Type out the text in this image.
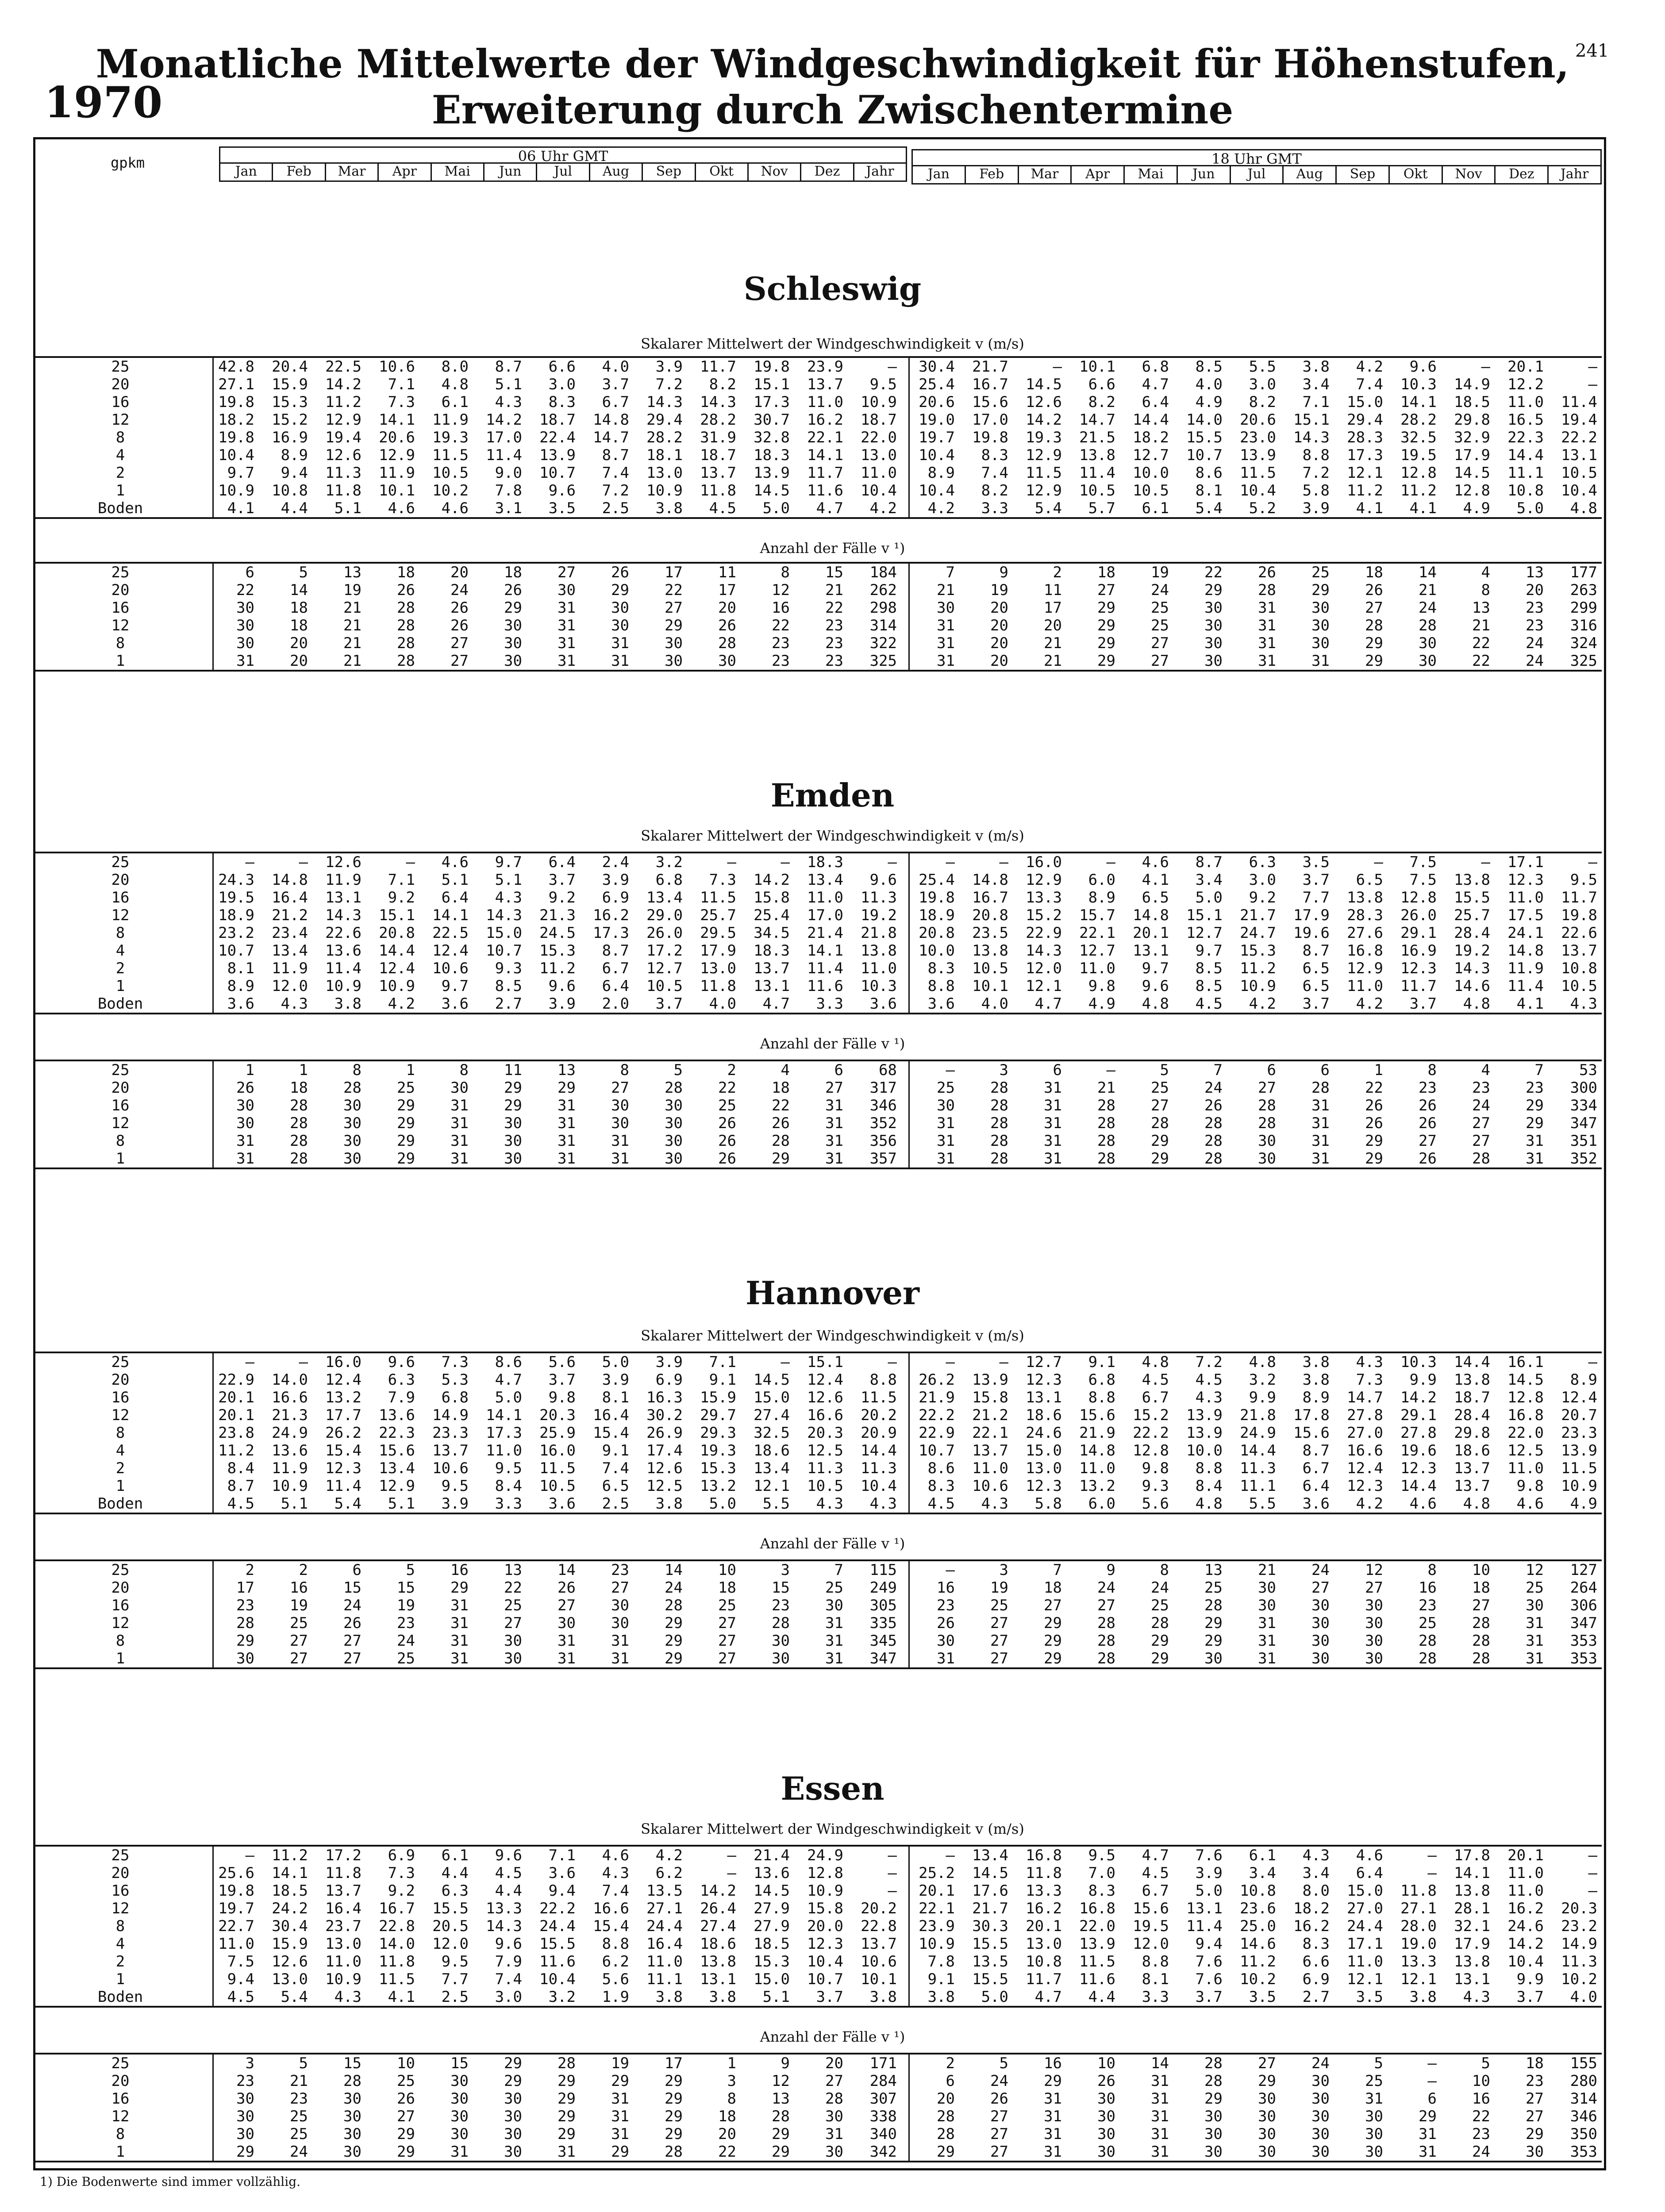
241
Monatliche Mittelwerte der Windgeschwindigkeit für Höhenstufen,
Erweiterung durch Zwischentermine
1970
gpkm	06 Uhr GMT
Jan	Feb	Mar	Apr	Mai	Jun	Jul	Aug	Sep	Okt	Nov	Dez	Jahr
18 Uhr GMT
Jan	Feb	Mar	Apr	Mai	Jun	Jul	Aug	Sep	Okt	Nov	Dez	Jahr
Schleswig
Skalarer Mittelwert der Windgeschwindigkeit v (m/s)
25	42.8	20.4	22.5	10.6	8.0	8.7	6.6	4.0	3.9	11.7	19.8	23.9	—	30.4	21.7	—	10.1	6.8	8.5	5.5	3.8	4.2	9.6	—	20.1	—
20	27.1	15.9	14.2	7.1	4.8	5.1	3.0	3.7	7.2	8.2	15.1	13.7	9.5	25.4	16.7	14.5	6.6	4.7	4.0	3.0	3.4	7.4	10.3	14.9	12.2	—
16	19.8	15.3	11.2	7.3	6.1	4.3	8.3	6.7	14.3	14.3	17.3	11.0	10.9	20.6	15.6	12.6	8.2	6.4	4.9	8.2	7.1	15.0	14.1	18.5	11.0	11.4
12	18.2	15.2	12.9	14.1	11.9	14.2	18.7	14.8	29.4	28.2	30.7	16.2	18.7	19.0	17.0	14.2	14.7	14.4	14.0	20.6	15.1	29.4	28.2	29.8	16.5	19.4
8	19.8	16.9	19.4	20.6	19.3	17.0	22.4	14.7	28.2	31.9	32.8	22.1	22.0	19.7	19.8	19.3	21.5	18.2	15.5	23.0	14.3	28.3	32.5	32.9	22.3	22.2
4	10.4	8.9	12.6	12.9	11.5	11.4	13.9	8.7	18.1	18.7	18.3	14.1	13.0	10.4	8.3	12.9	13.8	12.7	10.7	13.9	8.8	17.3	19.5	17.9	14.4	13.1
2	9.7	9.4	11.3	11.9	10.5	9.0	10.7	7.4	13.0	13.7	13.9	11.7	11.0	8.9	7.4	11.5	11.4	10.0	8.6	11.5	7.2	12.1	12.8	14.5	11.1	10.5
1	10.9	10.8	11.8	10.1	10.2	7.8	9.6	7.2	10.9	11.8	14.5	11.6	10.4	10.4	8.2	12.9	10.5	10.5	8.1	10.4	5.8	11.2	11.2	12.8	10.8	10.4
Boden	4.1	4.4	5.1	4.6	4.6	3.1	3.5	2.5	3.8	4.5	5.0	4.7	4.2	4.2	3.3	5.4	5.7	6.1	5.4	5.2	3.9	4.1	4.1	4.9	5.0	4.8
Anzahl der Fälle v ¹)
25	6	5	13	18	20	18	27	26	17	11	8	15	184	7	9	2	18	19	22	26	25	18	14	4	13	177
20	22	14	19	26	24	26	30	29	22	17	12	21	262	21	19	11	27	24	29	28	29	26	21	8	20	263
16	30	18	21	28	26	29	31	30	27	20	16	22	298	30	20	17	29	25	30	31	30	27	24	13	23	299
12	30	18	21	28	26	30	31	30	29	26	22	23	314	31	20	20	29	25	30	31	30	28	28	21	23	316
8	30	20	21	28	27	30	31	31	30	28	23	23	322	31	20	21	29	27	30	31	30	29	30	22	24	324
1	31	20	21	28	27	30	31	31	30	30	23	23	325	31	20	21	29	27	30	31	31	29	30	22	24	325
Emden
Skalarer Mittelwert der Windgeschwindigkeit v (m/s)
25	—	—	12.6	—	4.6	9.7	6.4	2.4	3.2	—	—	18.3	—	—	—	16.0	—	4.6	8.7	6.3	3.5	—	7.5	—	17.1	—
20	24.3	14.8	11.9	7.1	5.1	5.1	3.7	3.9	6.8	7.3	14.2	13.4	9.6	25.4	14.8	12.9	6.0	4.1	3.4	3.0	3.7	6.5	7.5	13.8	12.3	9.5
16	19.5	16.4	13.1	9.2	6.4	4.3	9.2	6.9	13.4	11.5	15.8	11.0	11.3	19.8	16.7	13.3	8.9	6.5	5.0	9.2	7.7	13.8	12.8	15.5	11.0	11.7
12	18.9	21.2	14.3	15.1	14.1	14.3	21.3	16.2	29.0	25.7	25.4	17.0	19.2	18.9	20.8	15.2	15.7	14.8	15.1	21.7	17.9	28.3	26.0	25.7	17.5	19.8
8	23.2	23.4	22.6	20.8	22.5	15.0	24.5	17.3	26.0	29.5	34.5	21.4	21.8	20.8	23.5	22.9	22.1	20.1	12.7	24.7	19.6	27.6	29.1	28.4	24.1	22.6
4	10.7	13.4	13.6	14.4	12.4	10.7	15.3	8.7	17.2	17.9	18.3	14.1	13.8	10.0	13.8	14.3	12.7	13.1	9.7	15.3	8.7	16.8	16.9	19.2	14.8	13.7
2	8.1	11.9	11.4	12.4	10.6	9.3	11.2	6.7	12.7	13.0	13.7	11.4	11.0	8.3	10.5	12.0	11.0	9.7	8.5	11.2	6.5	12.9	12.3	14.3	11.9	10.8
1	8.9	12.0	10.9	10.9	9.7	8.5	9.6	6.4	10.5	11.8	13.1	11.6	10.3	8.8	10.1	12.1	9.8	9.6	8.5	10.9	6.5	11.0	11.7	14.6	11.4	10.5
Boden	3.6	4.3	3.8	4.2	3.6	2.7	3.9	2.0	3.7	4.0	4.7	3.3	3.6	3.6	4.0	4.7	4.9	4.8	4.5	4.2	3.7	4.2	3.7	4.8	4.1	4.3
Anzahl der Fälle v ¹)
25	1	1	8	1	8	11	13	8	5	2	4	6	68	—	3	6	—	5	7	6	6	1	8	4	7	53
20	26	18	28	25	30	29	29	27	28	22	18	27	317	25	28	31	21	25	24	27	28	22	23	23	23	300
16	30	28	30	29	31	29	31	30	30	25	22	31	346	30	28	31	28	27	26	28	31	26	26	24	29	334
12	30	28	30	29	31	30	31	30	30	26	26	31	352	31	28	31	28	28	28	28	31	26	26	27	29	347
8	31	28	30	29	31	30	31	31	30	26	28	31	356	31	28	31	28	29	28	30	31	29	27	27	31	351
1	31	28	30	29	31	30	31	31	30	26	29	31	357	31	28	31	28	29	28	30	31	29	26	28	31	352
Hannover
Skalarer Mittelwert der Windgeschwindigkeit v (m/s)
25	—	—	16.0	9.6	7.3	8.6	5.6	5.0	3.9	7.1	—	15.1	—	—	—	12.7	9.1	4.8	7.2	4.8	3.8	4.3	10.3	14.4	16.1	—
20	22.9	14.0	12.4	6.3	5.3	4.7	3.7	3.9	6.9	9.1	14.5	12.4	8.8	26.2	13.9	12.3	6.8	4.5	4.5	3.2	3.8	7.3	9.9	13.8	14.5	8.9
16	20.1	16.6	13.2	7.9	6.8	5.0	9.8	8.1	16.3	15.9	15.0	12.6	11.5	21.9	15.8	13.1	8.8	6.7	4.3	9.9	8.9	14.7	14.2	18.7	12.8	12.4
12	20.1	21.3	17.7	13.6	14.9	14.1	20.3	16.4	30.2	29.7	27.4	16.6	20.2	22.2	21.2	18.6	15.6	15.2	13.9	21.8	17.8	27.8	29.1	28.4	16.8	20.7
8	23.8	24.9	26.2	22.3	23.3	17.3	25.9	15.4	26.9	29.3	32.5	20.3	20.9	22.9	22.1	24.6	21.9	22.2	13.9	24.9	15.6	27.0	27.8	29.8	22.0	23.3
4	11.2	13.6	15.4	15.6	13.7	11.0	16.0	9.1	17.4	19.3	18.6	12.5	14.4	10.7	13.7	15.0	14.8	12.8	10.0	14.4	8.7	16.6	19.6	18.6	12.5	13.9
2	8.4	11.9	12.3	13.4	10.6	9.5	11.5	7.4	12.6	15.3	13.4	11.3	11.3	8.6	11.0	13.0	11.0	9.8	8.8	11.3	6.7	12.4	12.3	13.7	11.0	11.5
1	8.7	10.9	11.4	12.9	9.5	8.4	10.5	6.5	12.5	13.2	12.1	10.5	10.4	8.3	10.6	12.3	13.2	9.3	8.4	11.1	6.4	12.3	14.4	13.7	9.8	10.9
Boden	4.5	5.1	5.4	5.1	3.9	3.3	3.6	2.5	3.8	5.0	5.5	4.3	4.3	4.5	4.3	5.8	6.0	5.6	4.8	5.5	3.6	4.2	4.6	4.8	4.6	4.9
Anzahl der Fälle v ¹)
25	2	2	6	5	16	13	14	23	14	10	3	7	115	—	3	7	9	8	13	21	24	12	8	10	12	127
20	17	16	15	15	29	22	26	27	24	18	15	25	249	16	19	18	24	24	25	30	27	27	16	18	25	264
16	23	19	24	19	31	25	27	30	28	25	23	30	305	23	25	27	27	25	28	30	30	30	23	27	30	306
12	28	25	26	23	31	27	30	30	29	27	28	31	335	26	27	29	28	28	29	31	30	30	25	28	31	347
8	29	27	27	24	31	30	31	31	29	27	30	31	345	30	27	29	28	29	29	31	30	30	28	28	31	353
1	30	27	27	25	31	30	31	31	29	27	30	31	347	31	27	29	28	29	30	31	30	30	28	28	31	353
Essen
Skalarer Mittelwert der Windgeschwindigkeit v (m/s)
25	—	11.2	17.2	6.9	6.1	9.6	7.1	4.6	4.2	—	21.4	24.9	—	—	13.4	16.8	9.5	4.7	7.6	6.1	4.3	4.6	—	17.8	20.1	—
20	25.6	14.1	11.8	7.3	4.4	4.5	3.6	4.3	6.2	—	13.6	12.8	—	25.2	14.5	11.8	7.0	4.5	3.9	3.4	3.4	6.4	—	14.1	11.0	—
16	19.8	18.5	13.7	9.2	6.3	4.4	9.4	7.4	13.5	14.2	14.5	10.9	—	20.1	17.6	13.3	8.3	6.7	5.0	10.8	8.0	15.0	11.8	13.8	11.0	—
12	19.7	24.2	16.4	16.7	15.5	13.3	22.2	16.6	27.1	26.4	27.9	15.8	20.2	22.1	21.7	16.2	16.8	15.6	13.1	23.6	18.2	27.0	27.1	28.1	16.2	20.3
8	22.7	30.4	23.7	22.8	20.5	14.3	24.4	15.4	24.4	27.4	27.9	20.0	22.8	23.9	30.3	20.1	22.0	19.5	11.4	25.0	16.2	24.4	28.0	32.1	24.6	23.2
4	11.0	15.9	13.0	14.0	12.0	9.6	15.5	8.8	16.4	18.6	18.5	12.3	13.7	10.9	15.5	13.0	13.9	12.0	9.4	14.6	8.3	17.1	19.0	17.9	14.2	14.9
2	7.5	12.6	11.0	11.8	9.5	7.9	11.6	6.2	11.0	13.8	15.3	10.4	10.6	7.8	13.5	10.8	11.5	8.8	7.6	11.2	6.6	11.0	13.3	13.8	10.4	11.3
1	9.4	13.0	10.9	11.5	7.7	7.4	10.4	5.6	11.1	13.1	15.0	10.7	10.1	9.1	15.5	11.7	11.6	8.1	7.6	10.2	6.9	12.1	12.1	13.1	9.9	10.2
Boden	4.5	5.4	4.3	4.1	2.5	3.0	3.2	1.9	3.8	3.8	5.1	3.7	3.8	3.8	5.0	4.7	4.4	3.3	3.7	3.5	2.7	3.5	3.8	4.3	3.7	4.0
Anzahl der Fälle v ¹)
25	3	5	15	10	15	29	28	19	17	1	9	20	171	2	5	16	10	14	28	27	24	5	—	5	18	155
20	23	21	28	25	30	29	29	29	29	3	12	27	284	6	24	29	26	31	28	29	30	25	—	10	23	280
16	30	23	30	26	30	30	29	31	29	8	13	28	307	20	26	31	30	31	29	30	30	31	6	16	27	314
12	30	25	30	27	30	30	29	31	29	18	28	30	338	28	27	31	30	31	30	30	30	30	29	22	27	346
8	30	25	30	29	30	30	29	31	29	20	29	31	340	28	27	31	30	31	30	30	30	30	31	23	29	350
1	29	24	30	29	31	30	31	29	28	22	29	30	342	29	27	31	30	31	30	30	30	30	31	24	30	353
1) Die Bodenwerte sind immer vollzählig.
